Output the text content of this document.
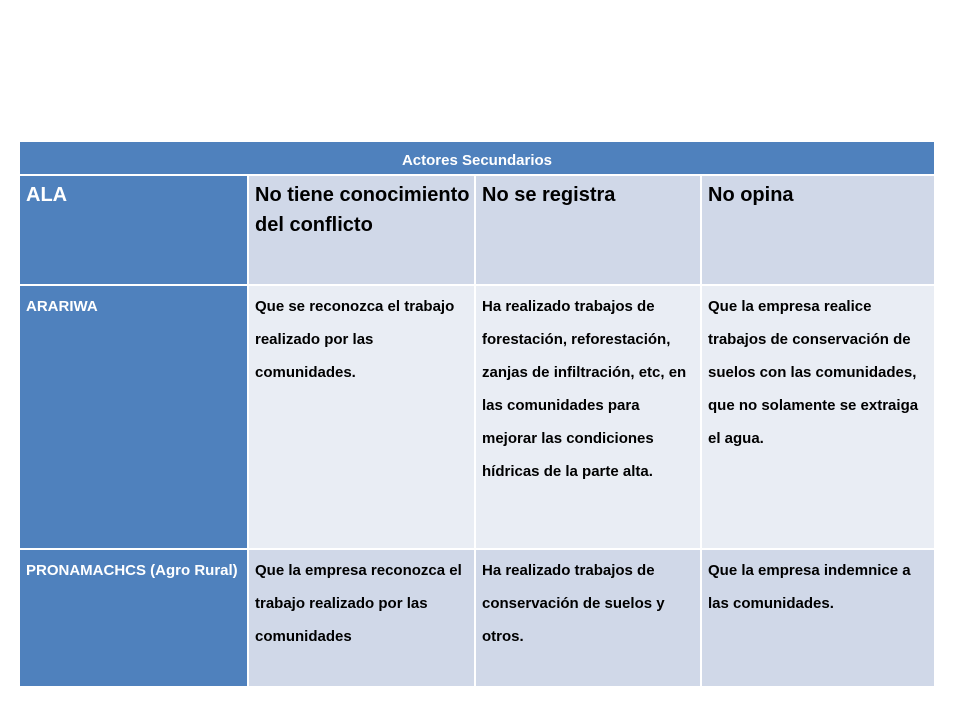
Actores Secundarios			
ALA	No tiene conocimiento del conflicto	No se registra	No opina
ARARIWA	Que se reconozca el trabajo realizado por las comunidades.	Ha realizado trabajos de forestación, reforestación, zanjas de infiltración, etc, en las comunidades para mejorar las condiciones hídricas de la parte alta.	Que la empresa realice trabajos de conservación de suelos con las comunidades, que no solamente se extraiga el agua.
PRONAMACHCS (Agro Rural)	Que la empresa reconozca el trabajo realizado por las comunidades	Ha realizado trabajos de conservación de suelos y otros.	Que la empresa indemnice a las comunidades.
